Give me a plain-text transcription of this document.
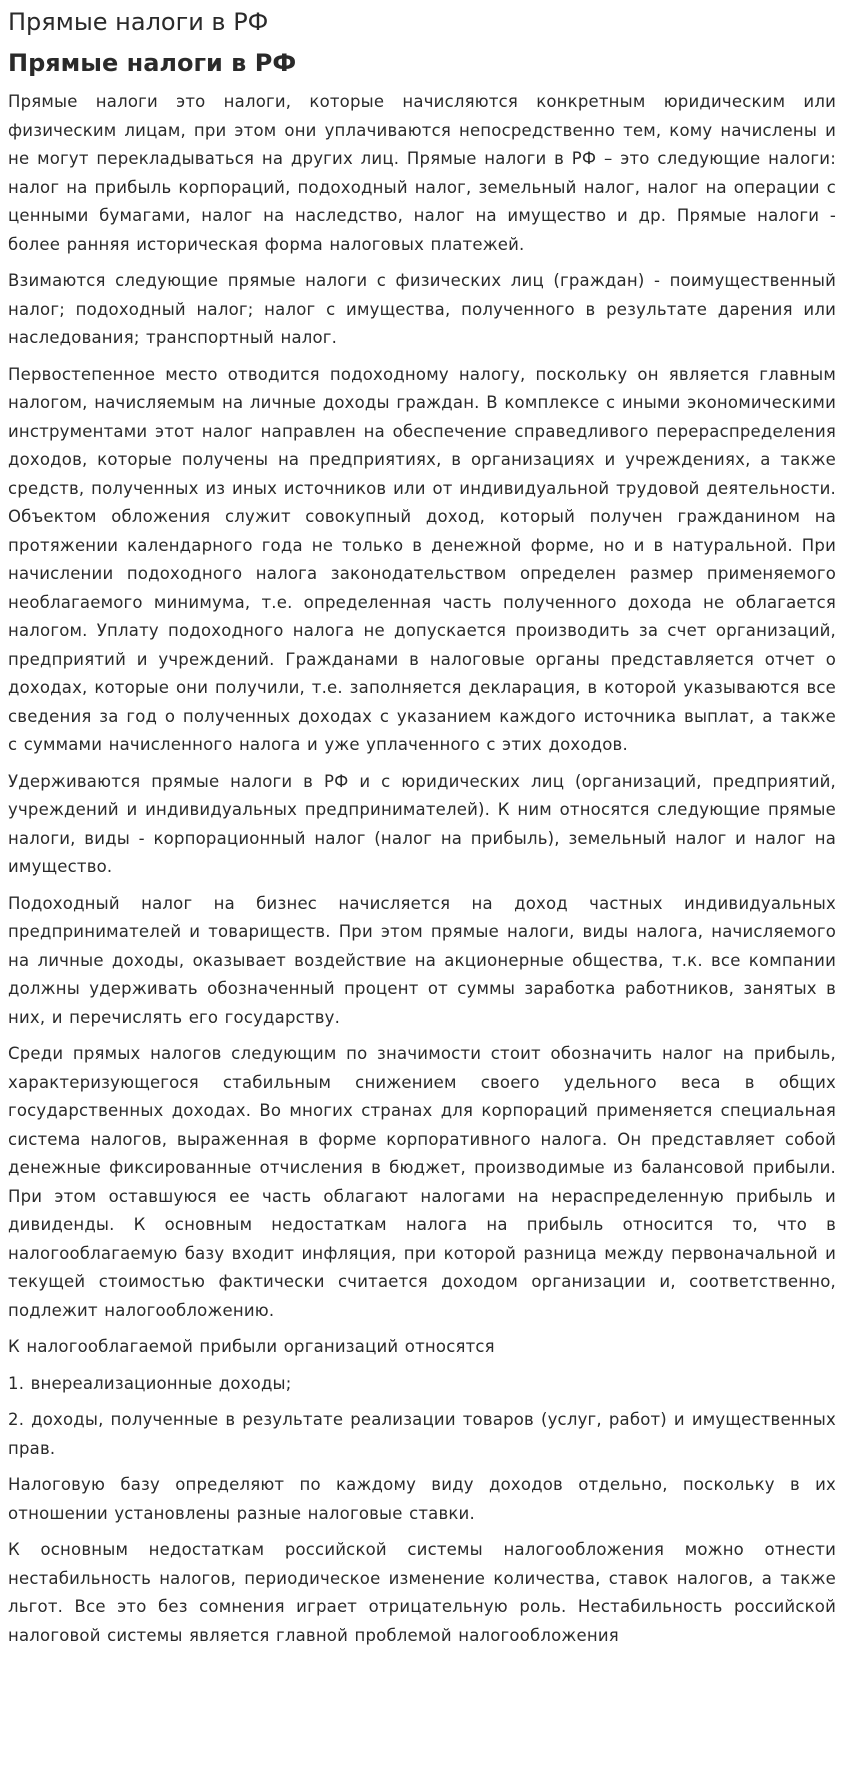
Прямые налоги в РФ
Прямые налоги в РФ

Прямые налоги это налоги, которые начисляются конкретным юридическим или физическим лицам, при этом они уплачиваются непосредственно тем, кому начислены и не могут перекладываться на других лиц. Прямые налоги в РФ – это следующие налоги: налог на прибыль корпораций, подоходный налог, земельный налог, налог на операции с ценными бумагами, налог на наследство, налог на имущество и др. Прямые налоги - более ранняя историческая форма налоговых платежей.

Взимаются следующие прямые налоги с физических лиц (граждан) - поимущественный налог; подоходный налог; налог с имущества, полученного в результате дарения или наследования; транспортный налог.

Первостепенное место отводится подоходному налогу, поскольку он является главным налогом, начисляемым на личные доходы граждан. В комплексе с иными экономическими инструментами этот налог направлен на обеспечение справедливого перераспределения доходов, которые получены на предприятиях, в организациях и учреждениях, а также средств, полученных из иных источников или от индивидуальной трудовой деятельности. Объектом обложения служит совокупный доход, который получен гражданином на протяжении календарного года не только в денежной форме, но и в натуральной. При начислении подоходного налога законодательством определен размер применяемого необлагаемого минимума, т.е. определенная часть полученного дохода не облагается налогом. Уплату подоходного налога не допускается производить за счет организаций, предприятий и учреждений. Гражданами в налоговые органы представляется отчет о доходах, которые они получили, т.е. заполняется декларация, в которой указываются все сведения за год о полученных доходах с указанием каждого источника выплат, а также с суммами начисленного налога и уже уплаченного с этих доходов.

Удерживаются прямые налоги в РФ и с юридических лиц (организаций, предприятий, учреждений и индивидуальных предпринимателей). К ним относятся следующие прямые налоги, виды - корпорационный налог (налог на прибыль), земельный налог и налог на имущество.

Подоходный налог на бизнес начисляется на доход частных индивидуальных предпринимателей и товариществ. При этом прямые налоги, виды налога, начисляемого на личные доходы, оказывает воздействие на акционерные общества, т.к. все компании должны удерживать обозначенный процент от суммы заработка работников, занятых в них, и перечислять его государству.

Среди прямых налогов следующим по значимости стоит обозначить налог на прибыль, характеризующегося стабильным снижением своего удельного веса в общих государственных доходах. Во многих странах для корпораций применяется специальная система налогов, выраженная в форме корпоративного налога. Он представляет собой денежные фиксированные отчисления в бюджет, производимые из балансовой прибыли. При этом оставшуюся ее часть облагают налогами на нераспределенную прибыль и дивиденды. К основным недостаткам налога на прибыль относится то, что в налогооблагаемую базу входит инфляция, при которой разница между первоначальной и текущей стоимостью фактически считается доходом организации и, соответственно, подлежит налогообложению.

К налогооблагаемой прибыли организаций относятся

1. внереализационные доходы;

2. доходы, полученные в результате реализации товаров (услуг, работ) и имущественных прав.

Налоговую базу определяют по каждому виду доходов отдельно, поскольку в их отношении установлены разные налоговые ставки.

К основным недостаткам российской системы налогообложения можно отнести нестабильность налогов, периодическое изменение количества, ставок налогов, а также льгот. Все это без сомнения играет отрицательную роль. Нестабильность российской налоговой системы является главной проблемой налогообложения
